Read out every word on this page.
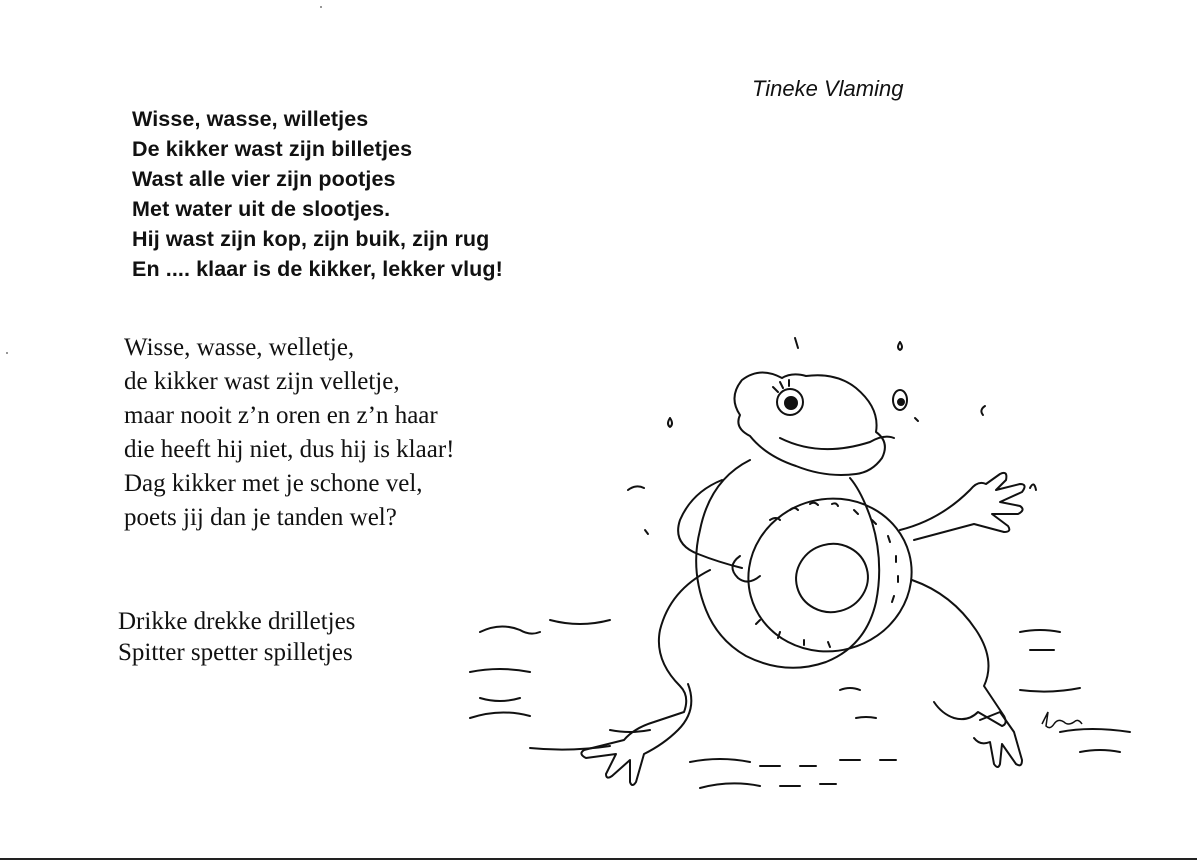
Tineke Vlaming
Wisse, wasse, willetjes
De kikker wast zijn billetjes
Wast alle vier zijn pootjes
Met water uit de slootjes.
Hij wast zijn kop, zijn buik, zijn rug
En .... klaar is de kikker, lekker vlug!
Wisse, wasse, welletje,
de kikker wast zijn velletje,
maar nooit z’n oren en z’n haar
die heeft hij niet, dus hij is klaar!
Dag kikker met je schone vel,
poets jij dan je tanden wel?
Drikke drekke drilletjes
Spitter spetter spilletjes
